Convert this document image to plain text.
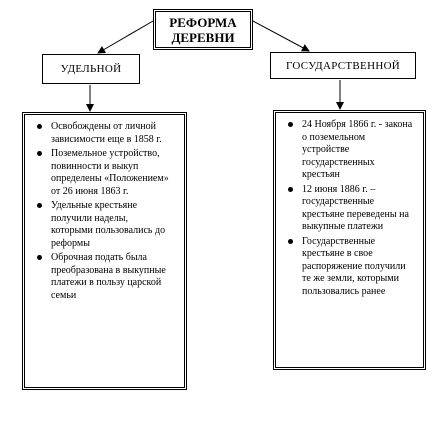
РЕФОРМА
ДЕРЕВНИ
УДЕЛЬНОЙ	ГОСУДАРСТВЕННОЙ
Освобождены от личной зависимости еще в 1858 г.
Поземельное устройство, повинности и выкуп определены «Положением» от 26 июня 1863 г.
Удельные крестьяне получили наделы, которыми пользовались до реформы
Оброчная подать была преобразована в выкупные платежи в пользу царской семьи
24 Ноября 1866 г. - закона о поземельном устройстве государственных крестьян
12 июня 1886 г. – государственные крестьяне переведены на выкупные платежи
Государственные крестьяне в свое распоряжение получили те же земли, которыми пользовались ранее
